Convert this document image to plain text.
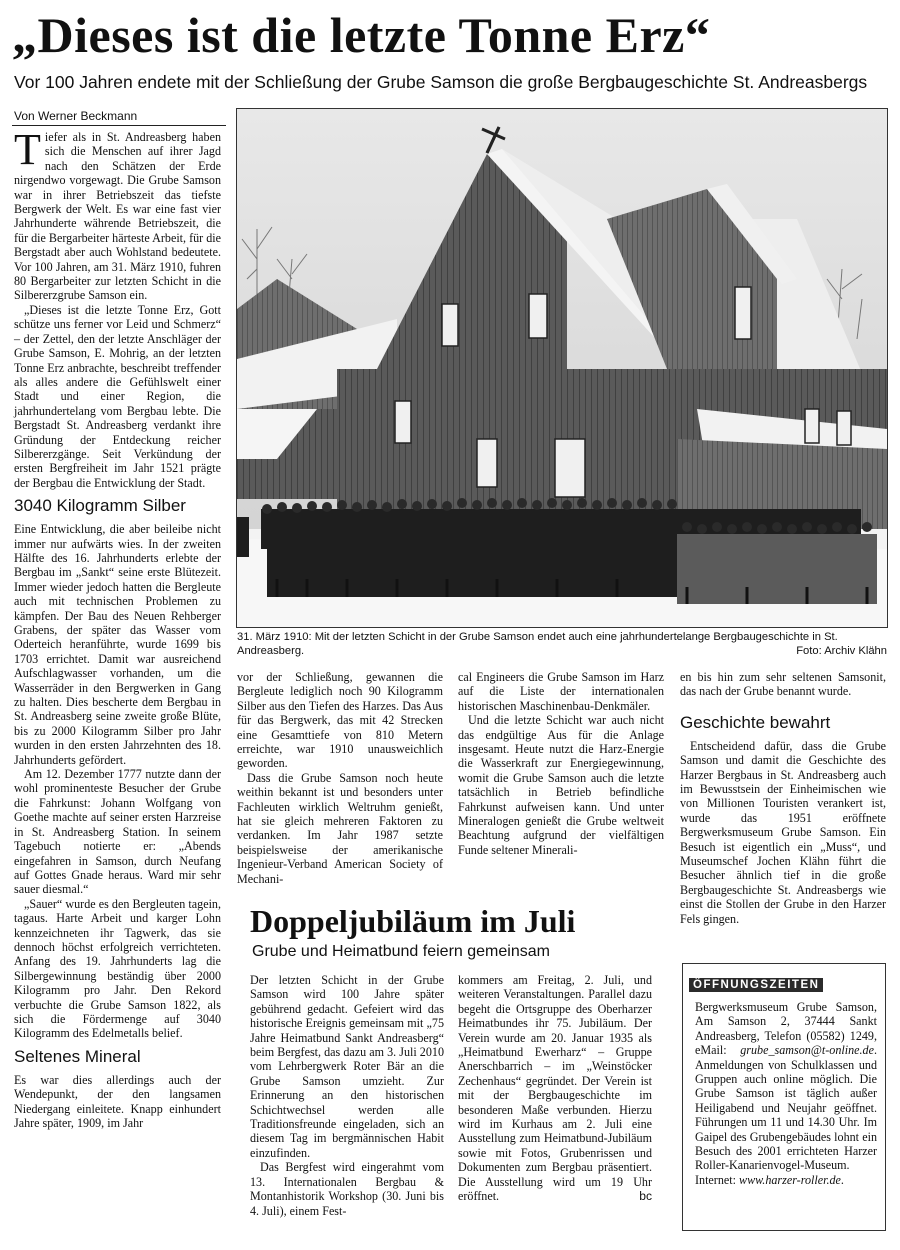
„Dieses ist die letzte Tonne Erz“
Vor 100 Jahren endete mit der Schließung der Grube Samson die große Bergbaugeschichte St. Andreasbergs
Von Werner Beckmann

Tiefer als in St. Andreasberg haben sich die Menschen auf ihrer Jagd nach den Schätzen der Erde nirgendwo vorgewagt. Die Grube Samson war in ihrer Betriebszeit das tiefste Bergwerk der Welt. Es war eine fast vier Jahrhunderte währende Betriebszeit, die für die Bergarbeiter härteste Arbeit, für die Bergstadt aber auch Wohlstand bedeutete. Vor 100 Jahren, am 31. März 1910, fuhren 80 Bergarbeiter zur letzten Schicht in die Silbererzgrube Samson ein.

„Dieses ist die letzte Tonne Erz, Gott schütze uns ferner vor Leid und Schmerz“ – der Zettel, den der letzte Anschläger der Grube Samson, E. Mohrig, an der letzten Tonne Erz anbrachte, beschreibt treffender als alles andere die Gefühlswelt einer Stadt und einer Region, die jahrhundertelang vom Bergbau lebte. Die Bergstadt St. Andreasberg verdankt ihre Gründung der Entdeckung reicher Silbererzgänge. Seit Verkündung der ersten Bergfreiheit im Jahr 1521 prägte der Bergbau die Entwicklung der Stadt.

3040 Kilogramm Silber

Eine Entwicklung, die aber beileibe nicht immer nur aufwärts wies. In der zweiten Hälfte des 16. Jahrhunderts erlebte der Bergbau im „Sankt“ seine erste Blütezeit. Immer wieder jedoch hatten die Bergleute auch mit technischen Problemen zu kämpfen. Der Bau des Neuen Rehberger Grabens, der später das Wasser vom Oderteich heranführte, wurde 1699 bis 1703 errichtet. Damit war ausreichend Aufschlagwasser vorhanden, um die Wasserräder in den Bergwerken in Gang zu halten. Dies bescherte dem Bergbau in St. Andreasberg seine zweite große Blüte, bis zu 2000 Kilogramm Silber pro Jahr wurden in den ersten Jahrzehnten des 18. Jahrhunderts gefördert.

Am 12. Dezember 1777 nutzte dann der wohl prominenteste Besucher der Grube die Fahrkunst: Johann Wolfgang von Goethe machte auf seiner ersten Harzreise in St. Andreasberg Station. In seinem Tagebuch notierte er: „Abends eingefahren in Samson, durch Neufang auf Gottes Gnade heraus. Ward mir sehr sauer diesmal.“

„Sauer“ wurde es den Bergleuten tagein, tagaus. Harte Arbeit und karger Lohn kennzeichneten ihr Tagwerk, das sie dennoch höchst erfolgreich verrichteten. Anfang des 19. Jahrhunderts lag die Silbergewinnung beständig über 2000 Kilogramm pro Jahr. Den Rekord verbuchte die Grube Samson 1822, als sich die Fördermenge auf 3040 Kilogramm des Edelmetalls belief.

Seltenes Mineral

Es war dies allerdings auch der Wendepunkt, der den langsamen Niedergang einleitete. Knapp einhundert Jahre später, 1909, im Jahr

31. März 1910: Mit der letzten Schicht in der Grube Samson endet auch eine jahrhundertelange Bergbaugeschichte in St. Andreasberg.	Foto: Archiv Klähn

vor der Schließung, gewannen die Bergleute lediglich noch 90 Kilogramm Silber aus den Tiefen des Harzes. Das Aus für das Bergwerk, das mit 42 Strecken eine Gesamttiefe von 810 Metern erreichte, war 1910 unausweichlich geworden.

Dass die Grube Samson noch heute weithin bekannt ist und besonders unter Fachleuten wirklich Weltruhm genießt, hat sie gleich mehreren Faktoren zu verdanken. Im Jahr 1987 setzte beispielsweise der amerikanische Ingenieur-Verband American Society of Mechani-

cal Engineers die Grube Samson im Harz auf die Liste der internationalen historischen Maschinenbau-Denkmäler.

Und die letzte Schicht war auch nicht das endgültige Aus für die Anlage insgesamt. Heute nutzt die Harz-Energie die Wasserkraft zur Energiegewinnung, womit die Grube Samson auch die letzte tatsächlich in Betrieb befindliche Fahrkunst aufweisen kann. Und unter Mineralogen genießt die Grube weltweit Beachtung aufgrund der vielfältigen Funde seltener Minerali-

en bis hin zum sehr seltenen Samsonit, das nach der Grube benannt wurde.

Geschichte bewahrt

Entscheidend dafür, dass die Grube Samson und damit die Geschichte des Harzer Bergbaus in St. Andreasberg auch im Bewusstsein der Einheimischen wie von Millionen Touristen verankert ist, wurde das 1951 eröffnete Bergwerksmuseum Grube Samson. Ein Besuch ist eigentlich ein „Muss“, und Museumschef Jochen Klähn führt die Besucher ähnlich tief in die große Bergbaugeschichte St. Andreasbergs wie einst die Stollen der Grube in den Harzer Fels gingen.

Doppeljubiläum im Juli
Grube und Heimatbund feiern gemeinsam

Der letzten Schicht in der Grube Samson wird 100 Jahre später gebührend gedacht. Gefeiert wird das historische Ereignis gemeinsam mit „75 Jahre Heimatbund Sankt Andreasberg“ beim Bergfest, das dazu am 3. Juli 2010 vom Lehrbergwerk Roter Bär an die Grube Samson umzieht. Zur Erinnerung an den historischen Schichtwechsel werden alle Traditionsfreunde eingeladen, sich an diesem Tag im bergmännischen Habit einzufinden.

Das Bergfest wird eingerahmt vom 13. Internationalen Bergbau & Montanhistorik Workshop (30. Juni bis 4. Juli), einem Fest-

kommers am Freitag, 2. Juli, und weiteren Veranstaltungen. Parallel dazu begeht die Ortsgruppe des Oberharzer Heimatbundes ihr 75. Jubiläum. Der Verein wurde am 20. Januar 1935 als „Heimatbund Ewerharz“ – Gruppe Anerschbarrich – im „Weinstöcker Zechenhaus“ gegründet. Der Verein ist mit der Bergbaugeschichte im besonderen Maße verbunden. Hierzu wird im Kurhaus am 2. Juli eine Ausstellung zum Heimatbund-Jubiläum sowie mit Fotos, Grubenrissen und Dokumenten zum Bergbau präsentiert. Die Ausstellung wird um 19 Uhr eröffnet.	bc

ÖFFNUNGSZEITEN
Bergwerksmuseum Grube Samson, Am Samson 2, 37444 Sankt Andreasberg, Telefon (05582) 1249, eMail: grube_samson@t-online.de. Anmeldungen von Schulklassen und Gruppen auch online möglich. Die Grube Samson ist täglich außer Heiligabend und Neujahr geöffnet. Führungen um 11 und 14.30 Uhr. Im Gaipel des Grubengebäudes lohnt ein Besuch des 2001 errichteten Harzer Roller-Kanarienvogel-Museum. Internet: www.harzer-roller.de.
